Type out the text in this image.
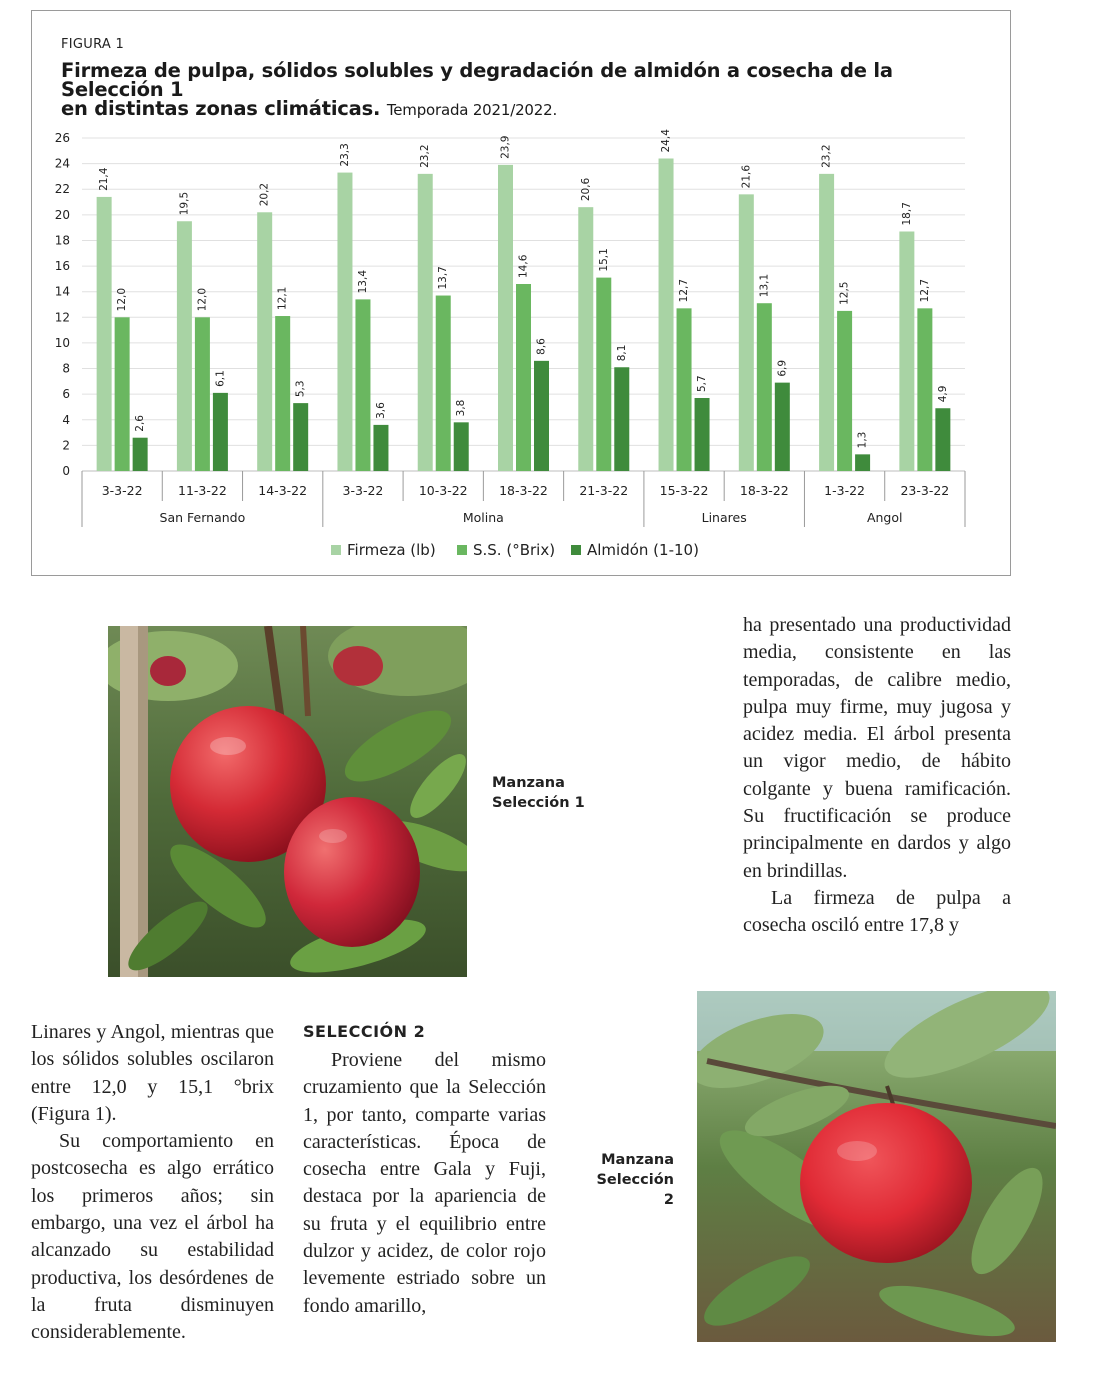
FIGURA 1
Firmeza de pulpa, sólidos solubles y degradación de almidón a cosecha de la Selección 1
en distintas zonas climáticas. Temporada 2021/2022.
0
2
4
6
8
10
12
14
16
18
20
22
24
26
21,4
12,0
2,6
3-3-22
19,5
12,0
6,1
11-3-22
20,2
12,1
5,3
14-3-22
23,3
13,4
3,6
3-3-22
23,2
13,7
3,8
10-3-22
23,9
14,6
8,6
18-3-22
20,6
15,1
8,1
21-3-22
24,4
12,7
5,7
15-3-22
21,6
13,1
6,9
18-3-22
23,2
12,5
1,3
1-3-22
18,7
12,7
4,9
23-3-22
San Fernando	Molina	Linares	Angol
Firmeza (lb) S.S. (°Brix) Almidón (1-10)
Manzana
Selección 1

ha presentado una productividad media, consistente en las temporadas, de calibre medio, pulpa muy firme, muy jugosa y acidez media. El árbol presenta un vigor medio, de hábito colgante y buena ramificación. Su fructificación se produce principalmente en dardos y algo en brindillas.

La firmeza de pulpa a cosecha osciló entre 17,8 y

Linares y Angol, mientras que los sólidos solubles oscilaron entre 12,0 y 15,1 °brix (Figura 1).

Su comportamiento en postcosecha es algo errático los primeros años; sin embargo, una vez el árbol ha alcanzado su estabilidad productiva, los desórdenes de la fruta disminuyen considerablemente.

SELECCIÓN 2

Proviene del mismo cruzamiento que la Selección 1, por tanto, comparte varias características. Época de cosecha entre Gala y Fuji, destaca por la apariencia de su fruta y el equilibrio entre dulzor y acidez, de color rojo levemente estriado sobre un fondo amarillo,

Manzana
Selección 2
